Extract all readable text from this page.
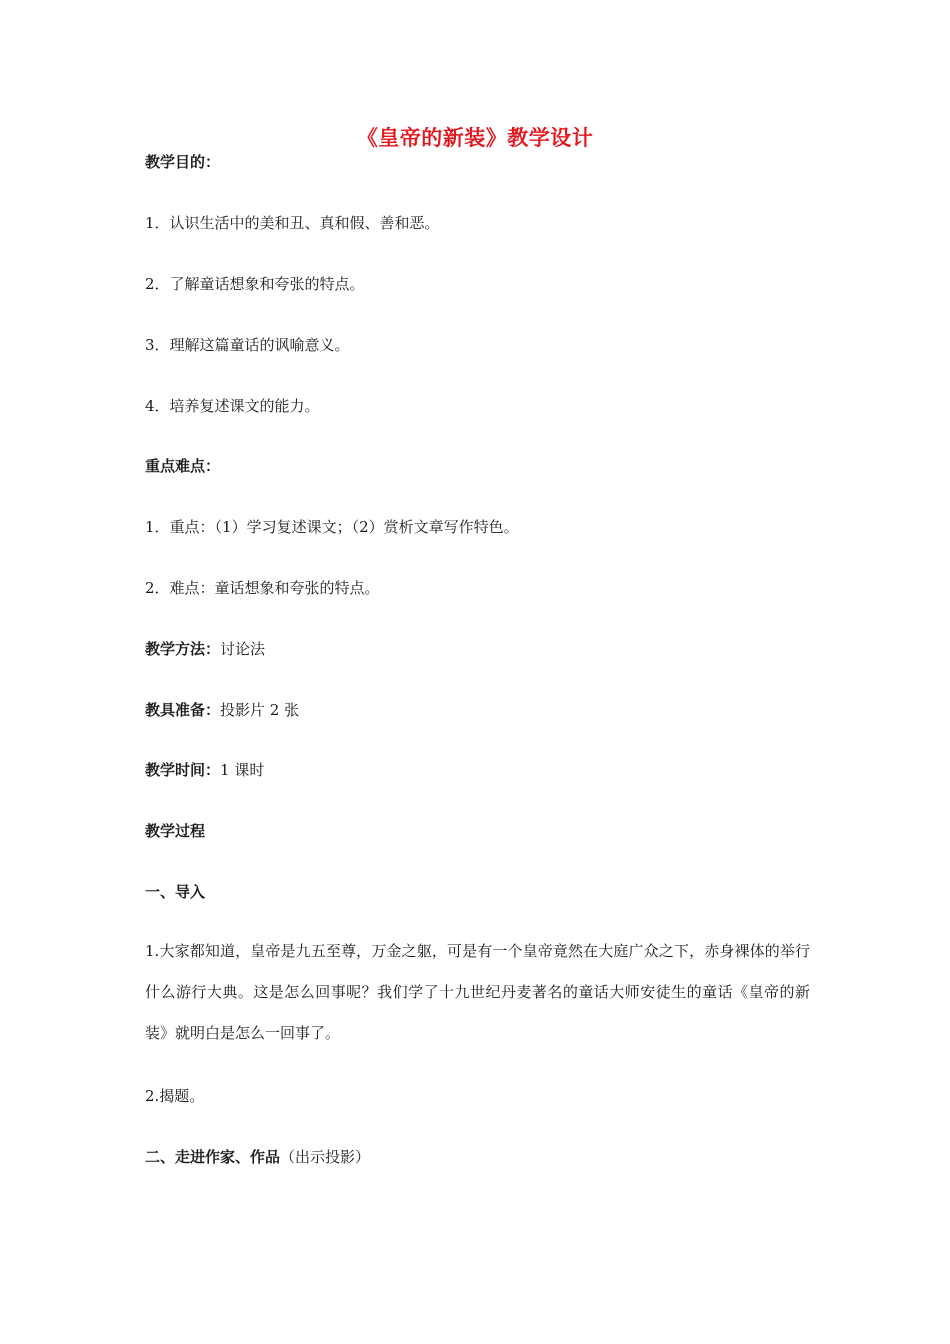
《皇帝的新装》教学设计
教学目的：
1．认识生活中的美和丑、真和假、善和恶。
2．了解童话想象和夸张的特点。
3．理解这篇童话的讽喻意义。
4．培养复述课文的能力。
重点难点：
1．重点：（1）学习复述课文；（2）赏析文章写作特色。
2．难点：童话想象和夸张的特点。
教学方法：讨论法
教具准备：投影片 2 张
教学时间：1 课时
教学过程
一、导入
1.大家都知道，皇帝是九五至尊，万金之躯，可是有一个皇帝竟然在大庭广众之下，赤身裸体的举行什么游行大典。这是怎么回事呢？我们学了十九世纪丹麦著名的童话大师安徒生的童话《皇帝的新装》就明白是怎么一回事了。
2.揭题。
二、走进作家、作品（出示投影）
